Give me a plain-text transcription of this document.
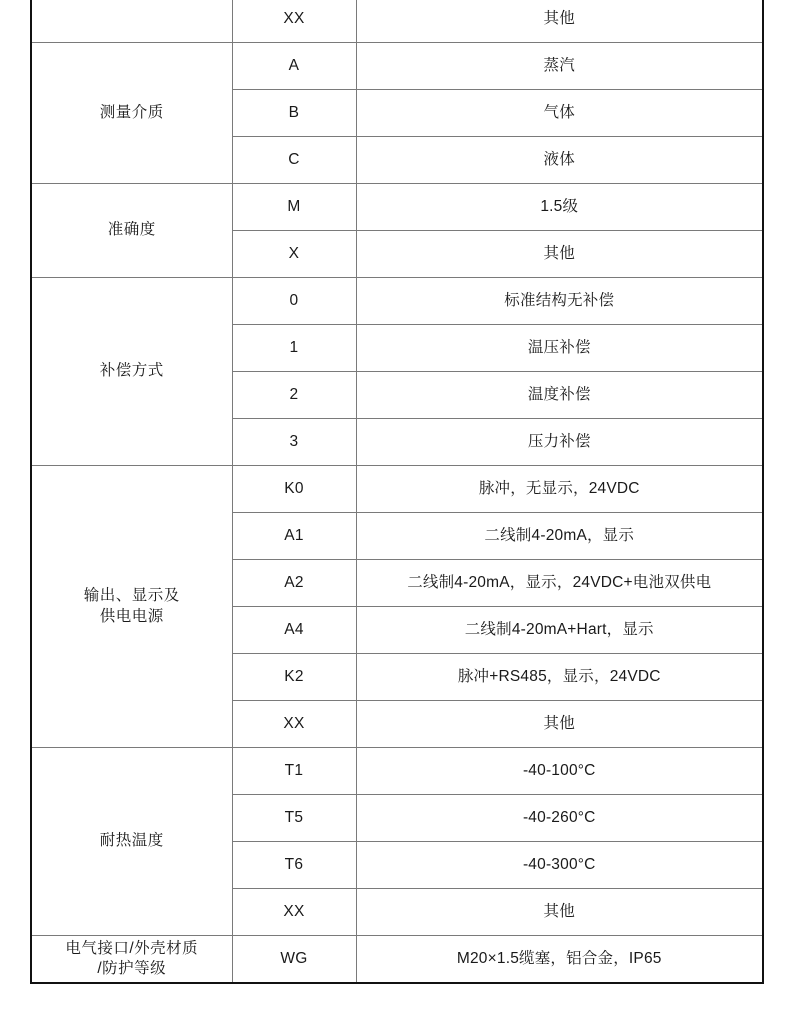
	XX	其他
测量介质	A	蒸汽
	B	气体
	C	液体
准确度	M	1.5级
	X	其他
补偿方式	0	标准结构无补偿
	1	温压补偿
	2	温度补偿
	3	压力补偿

输出、显示及
供电电源	K0	脉冲，无显示，24VDC
	A1	二线制4-20mA，显示
	A2	二线制4-20mA，显示，24VDC+电池双供电
	A4	二线制4-20mA+Hart，显示
	K2	脉冲+RS485，显示，24VDC
	XX	其他
耐热温度	T1	-40-100°C
	T5	-40-260°C
	T6	-40-300°C
	XX	其他

电气接口/外壳材质
/防护等级	WG	M20×1.5缆塞，铝合金，IP65
